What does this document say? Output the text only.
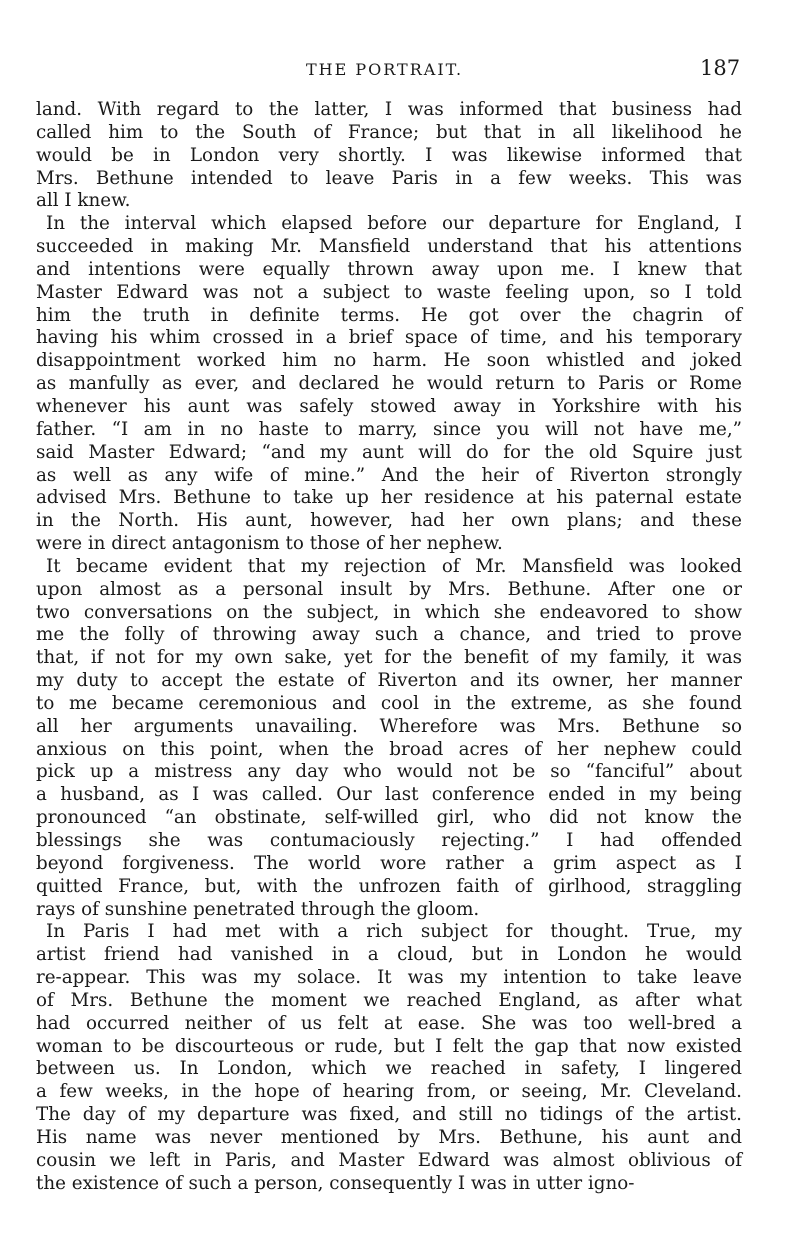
THE PORTRAIT.	187
land. With regard to the latter, I was informed that business had
called him to the South of France; but that in all likelihood he
would be in London very shortly. I was likewise informed that
Mrs. Bethune intended to leave Paris in a few weeks. This was
all I knew.
In the interval which elapsed before our departure for England, I
succeeded in making Mr. Mansfield understand that his attentions
and intentions were equally thrown away upon me. I knew that
Master Edward was not a subject to waste feeling upon, so I told
him the truth in definite terms. He got over the chagrin of
having his whim crossed in a brief space of time, and his temporary
disappointment worked him no harm. He soon whistled and joked
as manfully as ever, and declared he would return to Paris or Rome
whenever his aunt was safely stowed away in Yorkshire with his
father. “I am in no haste to marry, since you will not have me,”
said Master Edward; “and my aunt will do for the old Squire just
as well as any wife of mine.” And the heir of Riverton strongly
advised Mrs. Bethune to take up her residence at his paternal estate
in the North. His aunt, however, had her own plans; and these
were in direct antagonism to those of her nephew.
It became evident that my rejection of Mr. Mansfield was looked
upon almost as a personal insult by Mrs. Bethune. After one or
two conversations on the subject, in which she endeavored to show
me the folly of throwing away such a chance, and tried to prove
that, if not for my own sake, yet for the benefit of my family, it was
my duty to accept the estate of Riverton and its owner, her manner
to me became ceremonious and cool in the extreme, as she found
all her arguments unavailing. Wherefore was Mrs. Bethune so
anxious on this point, when the broad acres of her nephew could
pick up a mistress any day who would not be so “fanciful” about
a husband, as I was called. Our last conference ended in my being
pronounced “an obstinate, self-willed girl, who did not know the
blessings she was contumaciously rejecting.” I had offended
beyond forgiveness. The world wore rather a grim aspect as I
quitted France, but, with the unfrozen faith of girlhood, straggling
rays of sunshine penetrated through the gloom.
In Paris I had met with a rich subject for thought. True, my
artist friend had vanished in a cloud, but in London he would
re-appear. This was my solace. It was my intention to take leave
of Mrs. Bethune the moment we reached England, as after what
had occurred neither of us felt at ease. She was too well-bred a
woman to be discourteous or rude, but I felt the gap that now existed
between us. In London, which we reached in safety, I lingered
a few weeks, in the hope of hearing from, or seeing, Mr. Cleveland.
The day of my departure was fixed, and still no tidings of the artist.
His name was never mentioned by Mrs. Bethune, his aunt and
cousin we left in Paris, and Master Edward was almost oblivious of
the existence of such a person, consequently I was in utter igno-
